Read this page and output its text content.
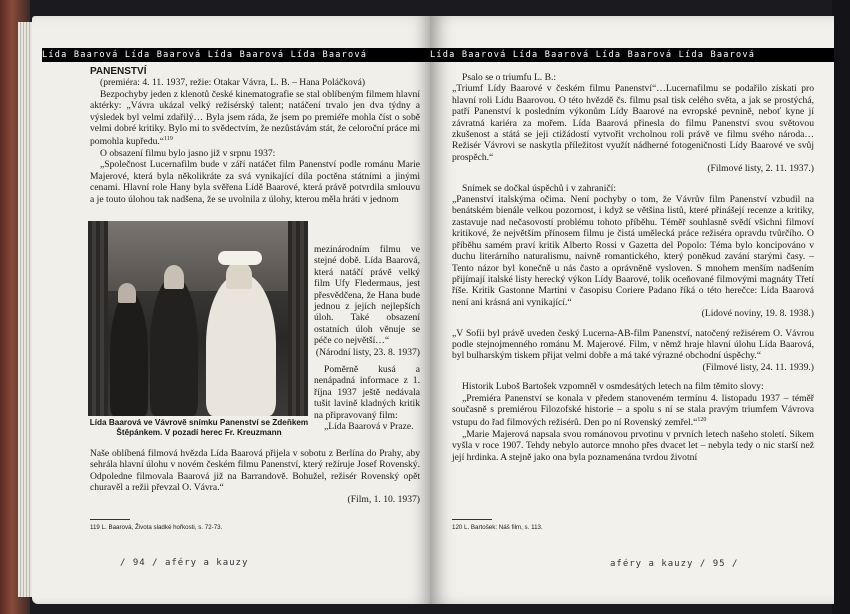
Lída Baarová Lída Baarová Lída Baarová Lída Baarová

PANENSTVÍ

(premiéra: 4. 11. 1937, režie: Otakar Vávra, L. B. – Hana Poláčková)

Bezpochyby jeden z klenotů české kinematografie se stal oblíbeným filmem hlavní aktérky: „Vávra ukázal velký režisérský talent; natáčení trvalo jen dva týdny a výsledek byl velmi zdařilý… Byla jsem ráda, že jsem po premiéře mohla číst o sobě velmi dobré kritiky. Bylo mi to svědectvím, že nezůstávám stát, že celoroční práce mi pomohla kupředu.“$^{119}$

O obsazení filmu bylo jasno již v srpnu 1937:

„Společnost Lucernafilm bude v září natáčet film Panenství podle románu Marie Majerové, která byla několikráte za svá vynikající díla poctěna státními a jinými cenami. Hlavní role Hany byla svěřena Lídě Baarové, která právě potvrdila smlouvu a je touto úlohou tak nadšena, že se uvolnila z úlohy, kterou měla hráti v jednom

Lída Baarová ve Vávrově snímku Panenství se Zdeňkem Štěpánkem. V pozadí herec Fr. Kreuzmann

mezinárodním filmu ve stejné době. Lída Baarová, která natáčí právě velký film Ufy Fledermaus, jest přesvědčena, že Hana bude jednou z jejích nejlepších úloh. Také obsazení ostatních úloh věnuje se péče co největší…“

(Národní listy, 23. 8. 1937)

Poměrně kusá a nenápadná informace z 1. října 1937 ještě nedávala tušit lavině kladných kritik na připravovaný film:

„Lída Baarová v Praze.

Naše oblíbená filmová hvězda Lída Baarová přijela v sobotu z Berlína do Prahy, aby sehrála hlavní úlohu v novém českém filmu Panenství, který režíruje Josef Rovenský. Odpoledne filmovala Baarová již na Barrandově. Bohužel, režisér Rovenský opět churavěl a režii převzal O. Vávra.“

(Film, 1. 10. 1937)

119 L. Baarová, Života sladké hořkosti, s. 72-73.
/ 94 / aféry a kauzy
Lída Baarová Lída Baarová Lída Baarová Lída Baarová

Psalo se o triumfu L. B.:

„Triumf Lídy Baarové v českém filmu Panenství“…Lucernafilmu se podařilo získati pro hlavní roli Lídu Baarovou. O této hvězdě čs. filmu psal tisk celého světa, a jak se prostýchá, patří Panenství k posledním výkonům Lídy Baarové na evropské pevnině, neboť kyne jí závratná kariéra za mořem. Lída Baarová přinesla do filmu Panenství svou světovou zkušenost a státá se jeji ctižádostí vytvořit vrcholnou roli právě ve filmu svého národa… Režisér Vávrovi se naskytla příležitost využít nádherné fotogeničnosti Lídy Baarové ve svůj prospěch.“

(Filmové listy, 2. 11. 1937.)

Snímek se dočkal úspěchů i v zahraničí:

„Panenství italskýma očima. Není pochyby o tom, že Vávrův film Panenství vzbudil na benátském bienále velkou pozornost, i když se většina listů, které přinášejí recenze a kritiky, zastavuje nad nečasovostí problému tohoto příběhu. Téměř souhlasně svědí všichni filmoví kritikové, že největším přínosem filmu je čistá umělecká práce režiséra opravdu tvůrčího. O příběhu samém praví kritik Alberto Rossi v Gazetta del Popolo: Téma bylo koncipováno v duchu literárního naturalismu, naivně romantického, který poněkud zavání starými časy. – Tento názor byl konečně u nás často a oprávněně vysloven. S mnohem menším nadšením přijímají italské listy herecký výkon Lídy Baarové, tolik oceňované filmovými magnáty Třetí říše. Kritik Gastonne Martini v časopisu Coriere Padano říká o této herečce: Lída Baarová není ani krásná ani vynikající.“

(Lidové noviny, 19. 8. 1938.)

„V Sofii byl právě uveden český Lucerna-AB-film Panenství, natočený režisérem O. Vávrou podle stejnojmenného románu M. Majerové. Film, v němž hraje hlavní úlohu Lída Baarová, byl bulharským tiskem přijat velmi dobře a má také výrazné obchodní úspěchy.“

(Filmové listy, 24. 11. 1939.)

Historik Luboš Bartošek vzpomněl v osmdesátých letech na film těmito slovy:

„Premiéra Panenství se konala v předem stanoveném termínu 4. listopadu 1937 – téměř současně s premiérou Filozofské historie – a spolu s ní se stala pravým triumfem Vávrova vstupu do řad filmových režisérů. Den po ní Rovenský zemřel.“$^{120}$

„Marie Majerová napsala svou románovou prvotinu v prvních letech našeho století. Sikem vyšla v roce 1907. Tehdy nebylo autorce mnoho přes dvacet let – nebyla tedy o nic starší než její hrdinka. A stejně jako ona byla poznamenána tvrdou životní

120 L. Bartošek: Náš film, s. 113.
aféry a kauzy / 95 /
